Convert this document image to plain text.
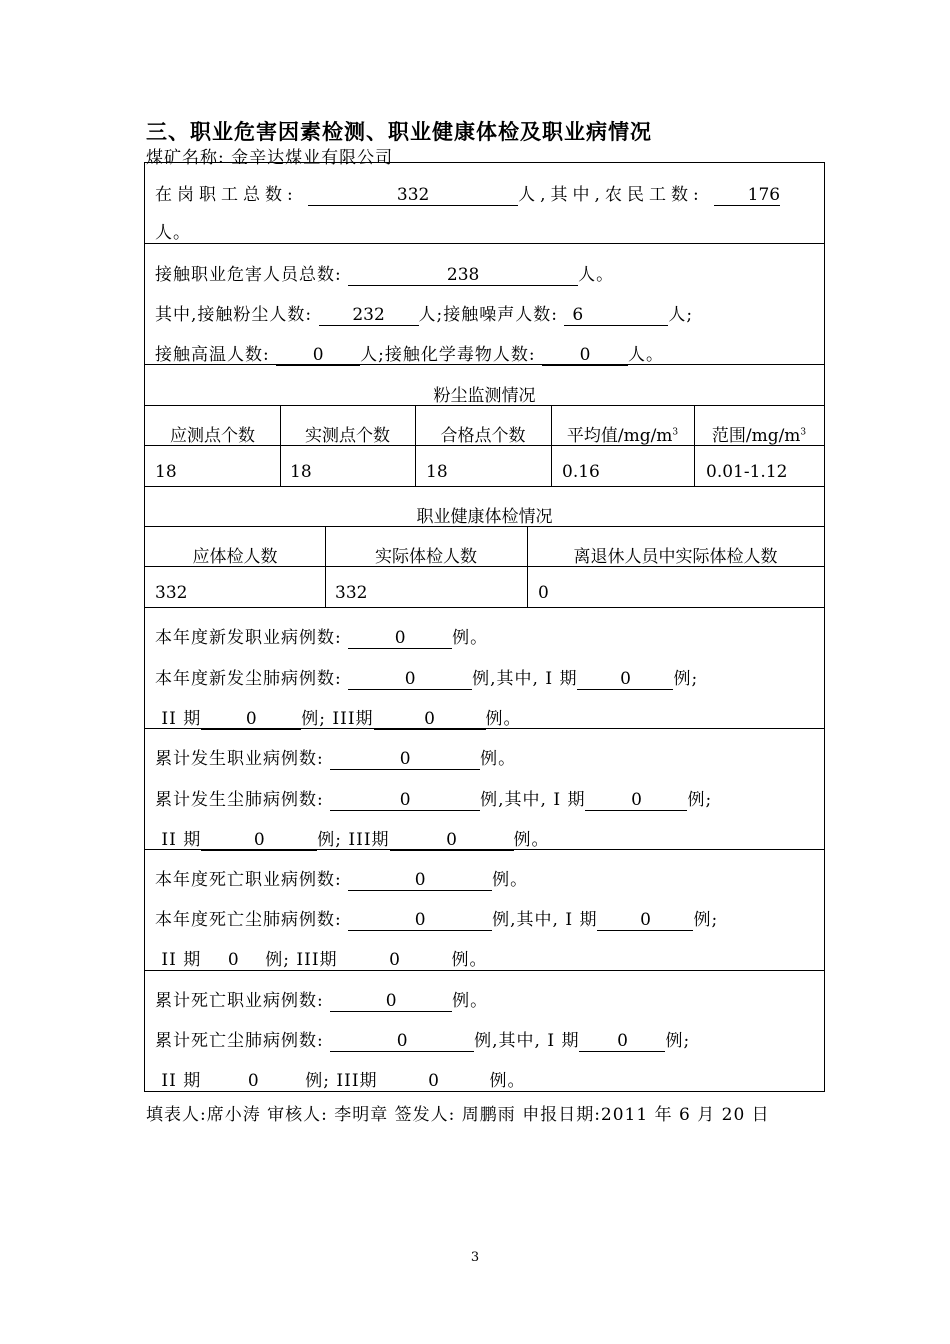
三、职业危害因素检测、职业健康体检及职业病情况
煤矿名称: 金辛达煤业有限公司
在岗职工总数:	332	人,其中,农民工数:	176
人。
接触职业危害人员总数:	238	人。
其中,接触粉尘人数: 232 人;接触噪声人数: 6	人;
接触高温人数:	0 人;接触化学毒物人数:	0 人。
粉尘监测情况
应测点个数	实测点个数	合格点个数	平均值$/mg/m^3$	范围$/mg/m^3$
18	18	18	0.16	0.01-1.12
职业健康体检情况
应体检人数	实际体检人数	离退休人员中实际体检人数
332	332	0
本年度新发职业病例数:	0	例。
本年度新发尘肺病例数:	0	例,其中, I 期	0	例;
II 期	0	例; III期	0	例。
累计发生职业病例数:	0	例。
累计发生尘肺病例数:	0	例,其中, I 期	0	例;
II 期	0	例; III期	0	例。
本年度死亡职业病例数:	0	例。
本年度死亡尘肺病例数:	0	例,其中, I 期	0	例;
II 期 0 例; III期	0	例。
累计死亡职业病例数:	0	例。
累计死亡尘肺病例数:	0	例,其中, I 期 0 例;
II 期	0	例; III期	0	例。
填表人:席小涛 审核人: 李明章 签发人: 周鹏雨 申报日期:2011 年 6 月 20 日
3
